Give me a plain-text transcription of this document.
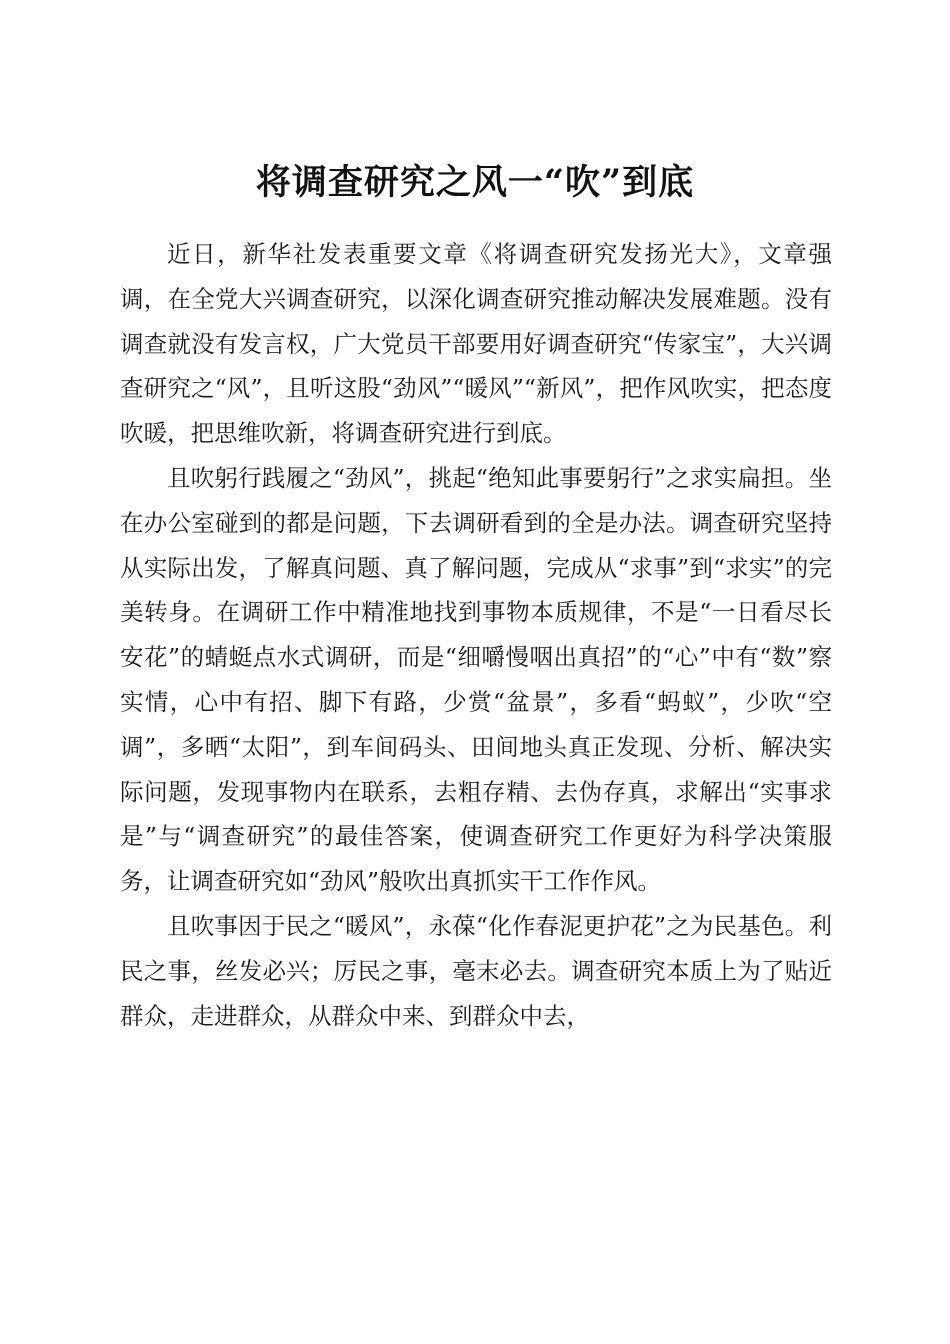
将调查研究之风一“吹”到底

近日，新华社发表重要文章《将调查研究发扬光大》，文章强调，在全党大兴调查研究，以深化调查研究推动解决发展难题。没有调查就没有发言权，广大党员干部要用好调查研究“传家宝”，大兴调查研究之“风”，且听这股“劲风”“暖风”“新风”，把作风吹实，把态度吹暖，把思维吹新，将调查研究进行到底。

且吹躬行践履之“劲风”，挑起“绝知此事要躬行”之求实扁担。坐在办公室碰到的都是问题，下去调研看到的全是办法。调查研究坚持从实际出发，了解真问题、真了解问题，完成从“求事”到“求实”的完美转身。在调研工作中精准地找到事物本质规律，不是“一日看尽长安花”的蜻蜓点水式调研，而是“细嚼慢咽出真招”的“心”中有“数”察实情，心中有招、脚下有路，少赏“盆景”，多看“蚂蚁”，少吹“空调”，多晒“太阳”，到车间码头、田间地头真正发现、分析、解决实际问题，发现事物内在联系，去粗存精、去伪存真，求解出“实事求是”与“调查研究”的最佳答案，使调查研究工作更好为科学决策服务，让调查研究如“劲风”般吹出真抓实干工作作风。

且吹事因于民之“暖风”，永葆“化作春泥更护花”之为民基色。利民之事，丝发必兴；厉民之事，毫末必去。调查研究本质上为了贴近群众，走进群众，从群众中来、到群众中去，
